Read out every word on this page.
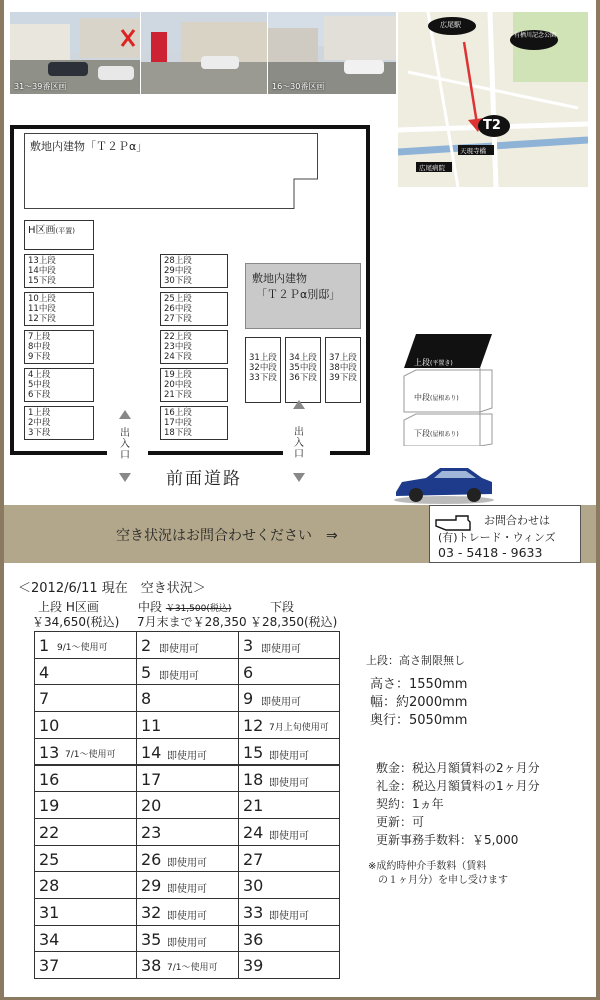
31～39番区画	16～30番区画
広尾駅
有栖川記念公園
T2
天現寺橋
広尾病院
敷地内建物「Ｔ２Ｐα」
H区画(平置)
13上段
14中段
15下段
10上段
11中段
12下段
7上段
8中段
9下段
4上段
5中段
6下段
1上段
2中段
3下段
28上段
29中段
30下段
25上段
26中段
27下段
22上段
23中段
24下段
19上段
20中段
21下段
16上段
17中段
18下段
敷地内建物
「Ｔ２Ｐα別邸」
31上段
32中段
33下段
34上段
35中段
36下段
37上段
38中段
39下段
出入口
出入口
前面道路
上段(平置き)
中段(屋根あり)
下段(屋根あり)
空き状況はお問合わせください　⇒
お問合わせは
(有)トレード・ウィンズ
03 - 5418 - 9633
＜2012/6/11 現在　空き状況＞
上段 H区画
￥34,650(税込)
中段 ￥31,500(税込)
7月末まで￥28,350
下段
￥28,350(税込)
1 9/1～使用可 2 即使用可	3 即使用可
4	5 即使用可	6
7	8	9 即使用可
10	11	12 7月上旬使用可
13 7/1～使用可 14 即使用可 15 即使用可
16	17	18 即使用可
19	20	21
22	23	24 即使用可
25	26 即使用可 27
28	29 即使用可 30
31	32 即使用可 33 即使用可
34	35 即使用可 36
37	38 7/1～使用可 39
上段：高さ制限無し
高さ：1550mm
幅：約2000mm
奥行：5050mm
敷金：税込月額賃料の2ヶ月分
礼金：税込月額賃料の1ヶ月分
契約：1ヵ年
更新：可
更新事務手数料：￥5,000
※成約時仲介手数料（賃料
　の１ヶ月分）を申し受けます
